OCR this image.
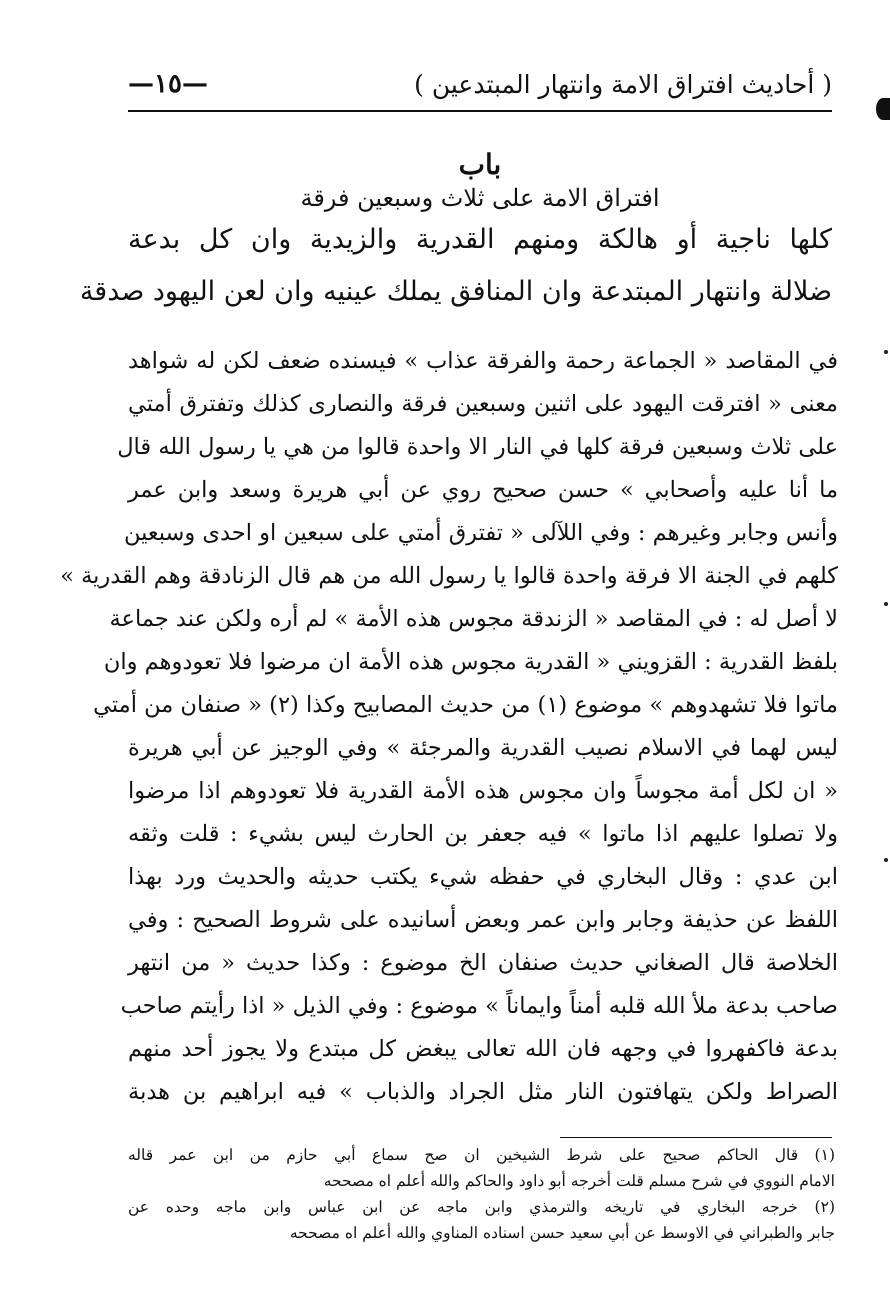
—١٥—	( أحاديث افتراق الامة وانتهار المبتدعين )
باب
افتراق الامة على ثلاث وسبعين فرقة
كلها ناجية أو هالكة ومنهم القدرية والزيدية وان كل بدعة
ضلالة وانتهار المبتدعة وان المنافق يملك عينيه وان لعن اليهود صدقة
في المقاصد « الجماعة رحمة والفرقة عذاب » فيسنده ضعف لكن له شواهد
معنى « افترقت اليهود على اثنين وسبعين فرقة والنصارى كذلك وتفترق أمتي
على ثلاث وسبعين فرقة كلها في النار الا واحدة قالوا من هي يا رسول الله قال
ما أنا عليه وأصحابي » حسن صحيح روي عن أبي هريرة وسعد وابن عمر
وأنس وجابر وغيرهم : وفي اللآلى « تفترق أمتي على سبعين او احدى وسبعين
كلهم في الجنة الا فرقة واحدة قالوا يا رسول الله من هم قال الزنادقة وهم القدرية »
لا أصل له : في المقاصد « الزندقة مجوس هذه الأمة » لم أره ولكن عند جماعة
بلفظ القدرية : القزويني « القدرية مجوس هذه الأمة ان مرضوا فلا تعودوهم وان
ماتوا فلا تشهدوهم » موضوع (١) من حديث المصابيح وكذا (٢) « صنفان من أمتي
ليس لهما في الاسلام نصيب القدرية والمرجئة » وفي الوجيز عن أبي هريرة
« ان لكل أمة مجوساً وان مجوس هذه الأمة القدرية فلا تعودوهم اذا مرضوا
ولا تصلوا عليهم اذا ماتوا » فيه جعفر بن الحارث ليس بشيء : قلت وثقه
ابن عدي : وقال البخاري في حفظه شيء يكتب حديثه والحديث ورد بهذا
اللفظ عن حذيفة وجابر وابن عمر وبعض أسانيده على شروط الصحيح : وفي
الخلاصة قال الصغاني حديث صنفان الخ موضوع : وكذا حديث « من انتهر
صاحب بدعة ملأ الله قلبه أمناً وايماناً » موضوع : وفي الذيل « اذا رأيتم صاحب
بدعة فاكفهروا في وجهه فان الله تعالى يبغض كل مبتدع ولا يجوز أحد منهم
الصراط ولكن يتهافتون النار مثل الجراد والذباب » فيه ابراهيم بن هدبة
(١) قال الحاكم صحيح على شرط الشيخين ان صح سماع أبي حازم من ابن عمر قاله
الامام النووي في شرح مسلم قلت أخرجه أبو داود والحاكم والله أعلم اه مصححه
(٢) خرجه البخاري في تاريخه والترمذي وابن ماجه عن ابن عباس وابن ماجه وحده عن
جابر والطبراني في الاوسط عن أبي سعيد حسن اسناده المناوي والله أعلم اه مصححه
